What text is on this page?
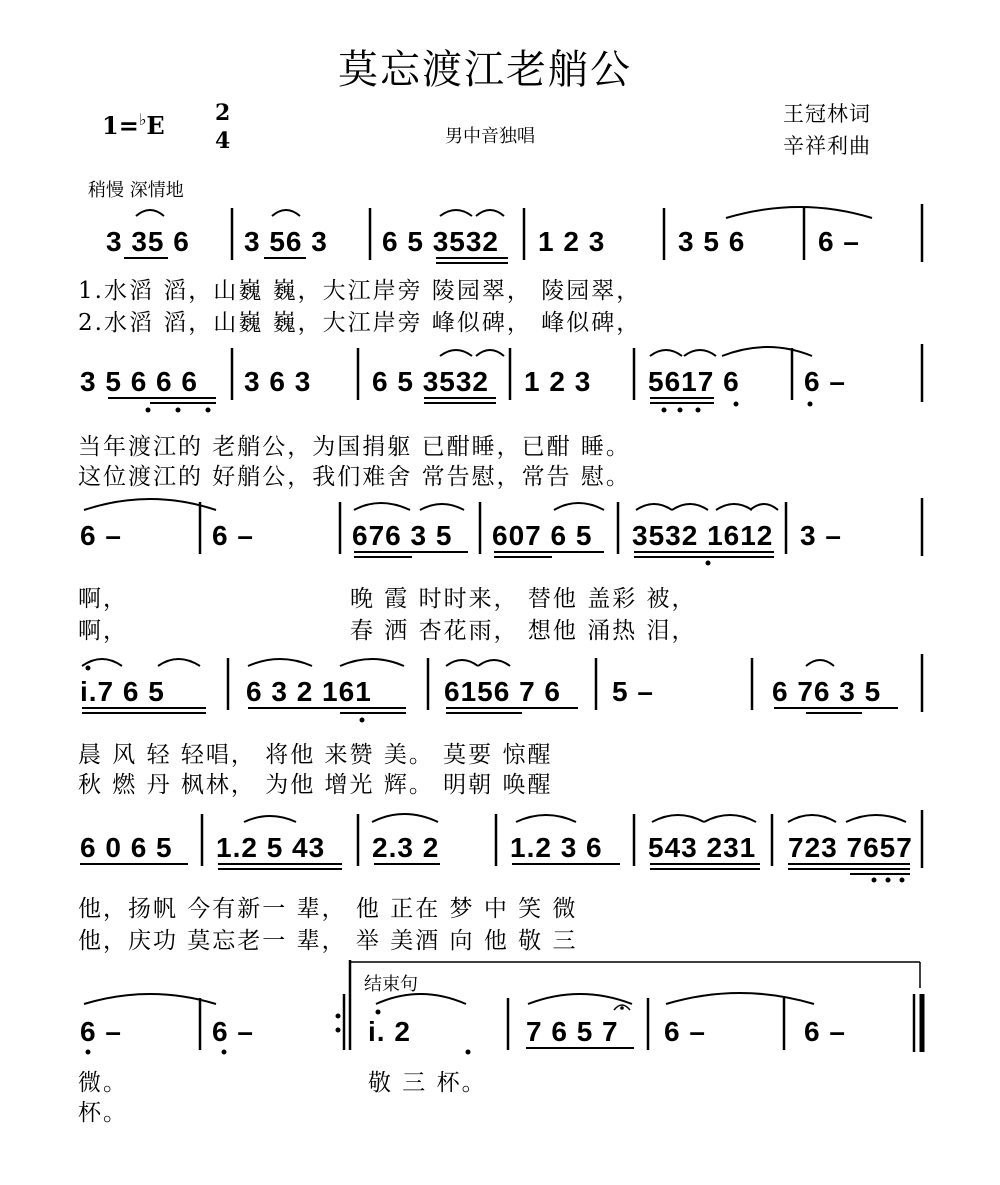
莫忘渡江老艄公
1=♭E 2
4	男中音独唱
王冠林词
辛祥利曲
稍慢 深情地
3 35 6 3 56 3 6 5 3532 1 2 3	3 5 6	6 –
1.水滔 滔，山巍 巍，大江岸旁 陵园翠， 陵园翠，
2.水滔 滔，山巍 巍，大江岸旁 峰似碑， 峰似碑，
3 5 6 6 6 3 6 3 6 5 3532 1 2 3 5617 6 6 –
当年渡江的 老艄公，为国捐躯 已酣睡，已酣 睡。
这位渡江的 好艄公，我们难舍 常告慰，常告 慰。
6 –	6 –	676 3 5 607 6 5 3532 1612 3 –
啊，
啊，
晚 霞 时时来， 替他 盖彩 被，
春 洒 杏花雨， 想他 涌热 泪，
i.7 6 5	6 3 2 161	6156 7 6 5 –	6 76 3 5
晨 风 轻 轻唱， 将他 来赞 美。 莫要 惊醒
秋 燃 丹 枫林， 为他 增光 辉。 明朝 唤醒
6 0 6 5 1.2 5 43 2.3 2	1.2 3 6 543 231 723 7657
他，扬帆 今有新一 辈， 他 正在 梦 中 笑 微
他，庆功 莫忘老一 辈， 举 美酒 向 他 敬 三
结束句
6 –	6 –	i. 2	7 6 5 7 6 –	6 –
微。
杯。
敬 三 杯。
